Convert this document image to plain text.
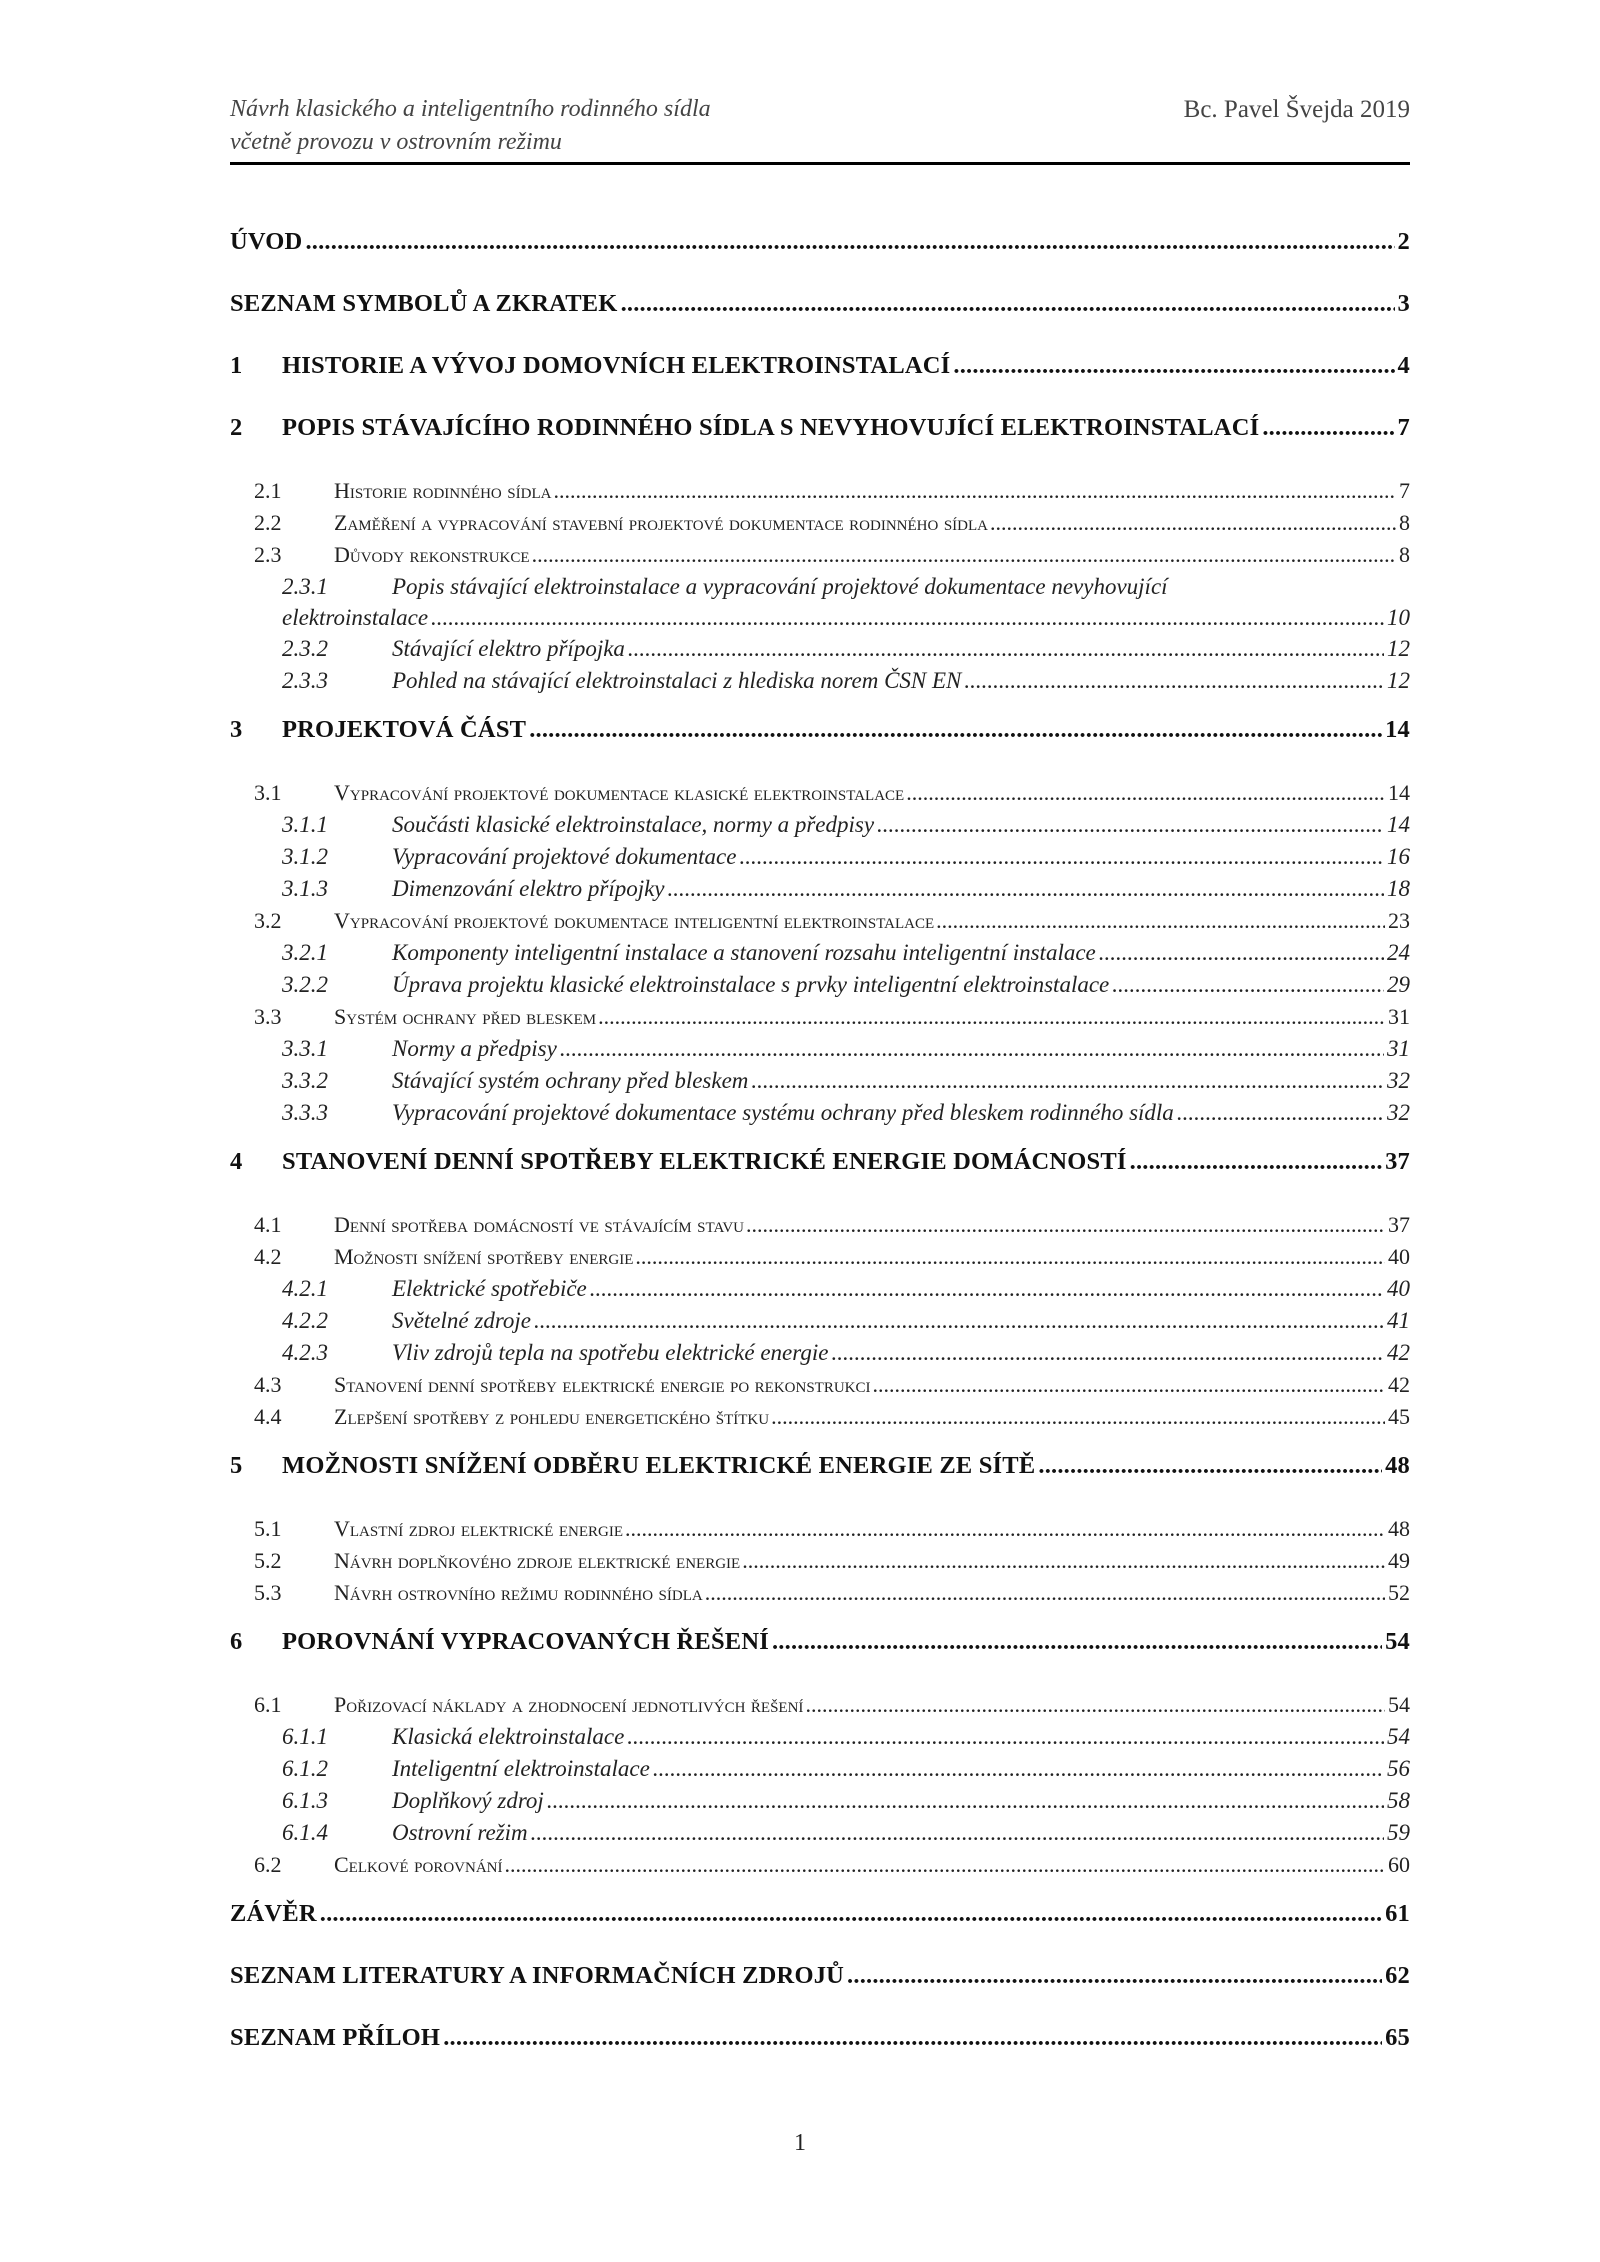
Návrh klasického a inteligentního rodinného sídla
včetně provozu v ostrovním režimu
Bc. Pavel Švejda 2019
ÚVOD .....	2
SEZNAM SYMBOLŮ A ZKRATEK .....	3
1 HISTORIE A VÝVOJ DOMOVNÍCH ELEKTROINSTALACÍ .....	4
2 POPIS STÁVAJÍCÍHO RODINNÉHO SÍDLA S NEVYHOVUJÍCÍ ELEKTROINSTALACÍ .....	7
2.1 Historie rodinného sídla .....	7
2.2 Zaměření a vypracování stavební projektové dokumentace rodinného sídla .....	8
2.3 Důvody rekonstrukce .....	8
2.3.1	Popis stávající elektroinstalace a vypracování projektové dokumentace nevyhovující
elektroinstalace .....	10
2.3.2	Stávající elektro přípojka .....	12
2.3.3	Pohled na stávající elektroinstalaci z hlediska norem ČSN EN .....	12
3 PROJEKTOVÁ ČÁST .....	14
3.1 Vypracování projektové dokumentace klasické elektroinstalace .....	14
3.1.1	Součásti klasické elektroinstalace, normy a předpisy .....	14
3.1.2	Vypracování projektové dokumentace .....	16
3.1.3	Dimenzování elektro přípojky .....	18
3.2 Vypracování projektové dokumentace inteligentní elektroinstalace .....	23
3.2.1	Komponenty inteligentní instalace a stanovení rozsahu inteligentní instalace .....	24
3.2.2	Úprava projektu klasické elektroinstalace s prvky inteligentní elektroinstalace .....	29
3.3 Systém ochrany před bleskem .....	31
3.3.1	Normy a předpisy .....	31
3.3.2	Stávající systém ochrany před bleskem .....	32
3.3.3	Vypracování projektové dokumentace systému ochrany před bleskem rodinného sídla .....	32
4 STANOVENÍ DENNÍ SPOTŘEBY ELEKTRICKÉ ENERGIE DOMÁCNOSTÍ .....	37
4.1 Denní spotřeba domácností ve stávajícím stavu .....	37
4.2 Možnosti snížení spotřeby energie .....	40
4.2.1	Elektrické spotřebiče .....	40
4.2.2	Světelné zdroje .....	41
4.2.3	Vliv zdrojů tepla na spotřebu elektrické energie .....	42
4.3 Stanovení denní spotřeby elektrické energie po rekonstrukci .....	42
4.4 Zlepšení spotřeby z pohledu energetického štítku .....	45
5 MOŽNOSTI SNÍŽENÍ ODBĚRU ELEKTRICKÉ ENERGIE ZE SÍTĚ .....	48
5.1 Vlastní zdroj elektrické energie .....	48
5.2 Návrh doplňkového zdroje elektrické energie .....	49
5.3 Návrh ostrovního režimu rodinného sídla .....	52
6 POROVNÁNÍ VYPRACOVANÝCH ŘEŠENÍ .....	54
6.1 Pořizovací náklady a zhodnocení jednotlivých řešení .....	54
6.1.1	Klasická elektroinstalace .....	54
6.1.2	Inteligentní elektroinstalace .....	56
6.1.3	Doplňkový zdroj .....	58
6.1.4	Ostrovní režim .....	59
6.2 Celkové porovnání .....	60
ZÁVĚR .....	61
SEZNAM LITERATURY A INFORMAČNÍCH ZDROJŮ .....	62
SEZNAM PŘÍLOH .....	65
1
